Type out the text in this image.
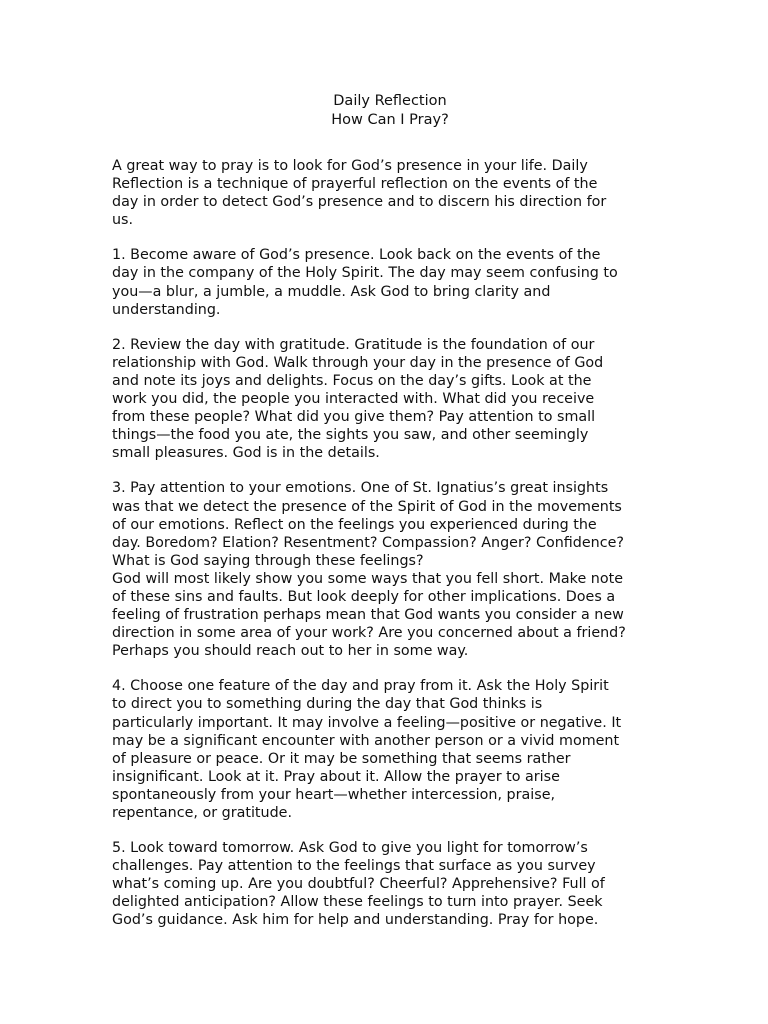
Daily Reflection

How Can I Pray?

A great way to pray is to look for God’s presence in your life. Daily
Reflection is a technique of prayerful reflection on the events of the
day in order to detect God’s presence and to discern his direction for
us.

1. Become aware of God’s presence. Look back on the events of the
day in the company of the Holy Spirit. The day may seem confusing to
you—a blur, a jumble, a muddle. Ask God to bring clarity and
understanding.

2. Review the day with gratitude. Gratitude is the foundation of our
relationship with God. Walk through your day in the presence of God
and note its joys and delights. Focus on the day’s gifts. Look at the
work you did, the people you interacted with. What did you receive
from these people? What did you give them? Pay attention to small
things—the food you ate, the sights you saw, and other seemingly
small pleasures. God is in the details.

3. Pay attention to your emotions. One of St. Ignatius’s great insights
was that we detect the presence of the Spirit of God in the movements
of our emotions. Reflect on the feelings you experienced during the
day. Boredom? Elation? Resentment? Compassion? Anger? Confidence?
What is God saying through these feelings?

God will most likely show you some ways that you fell short. Make note
of these sins and faults. But look deeply for other implications. Does a
feeling of frustration perhaps mean that God wants you consider a new
direction in some area of your work? Are you concerned about a friend?
Perhaps you should reach out to her in some way.

4. Choose one feature of the day and pray from it. Ask the Holy Spirit
to direct you to something during the day that God thinks is
particularly important. It may involve a feeling—positive or negative. It
may be a significant encounter with another person or a vivid moment
of pleasure or peace. Or it may be something that seems rather
insignificant. Look at it. Pray about it. Allow the prayer to arise
spontaneously from your heart—whether intercession, praise,
repentance, or gratitude.

5. Look toward tomorrow. Ask God to give you light for tomorrow’s
challenges. Pay attention to the feelings that surface as you survey
what’s coming up. Are you doubtful? Cheerful? Apprehensive? Full of
delighted anticipation? Allow these feelings to turn into prayer. Seek
God’s guidance. Ask him for help and understanding. Pray for hope.
